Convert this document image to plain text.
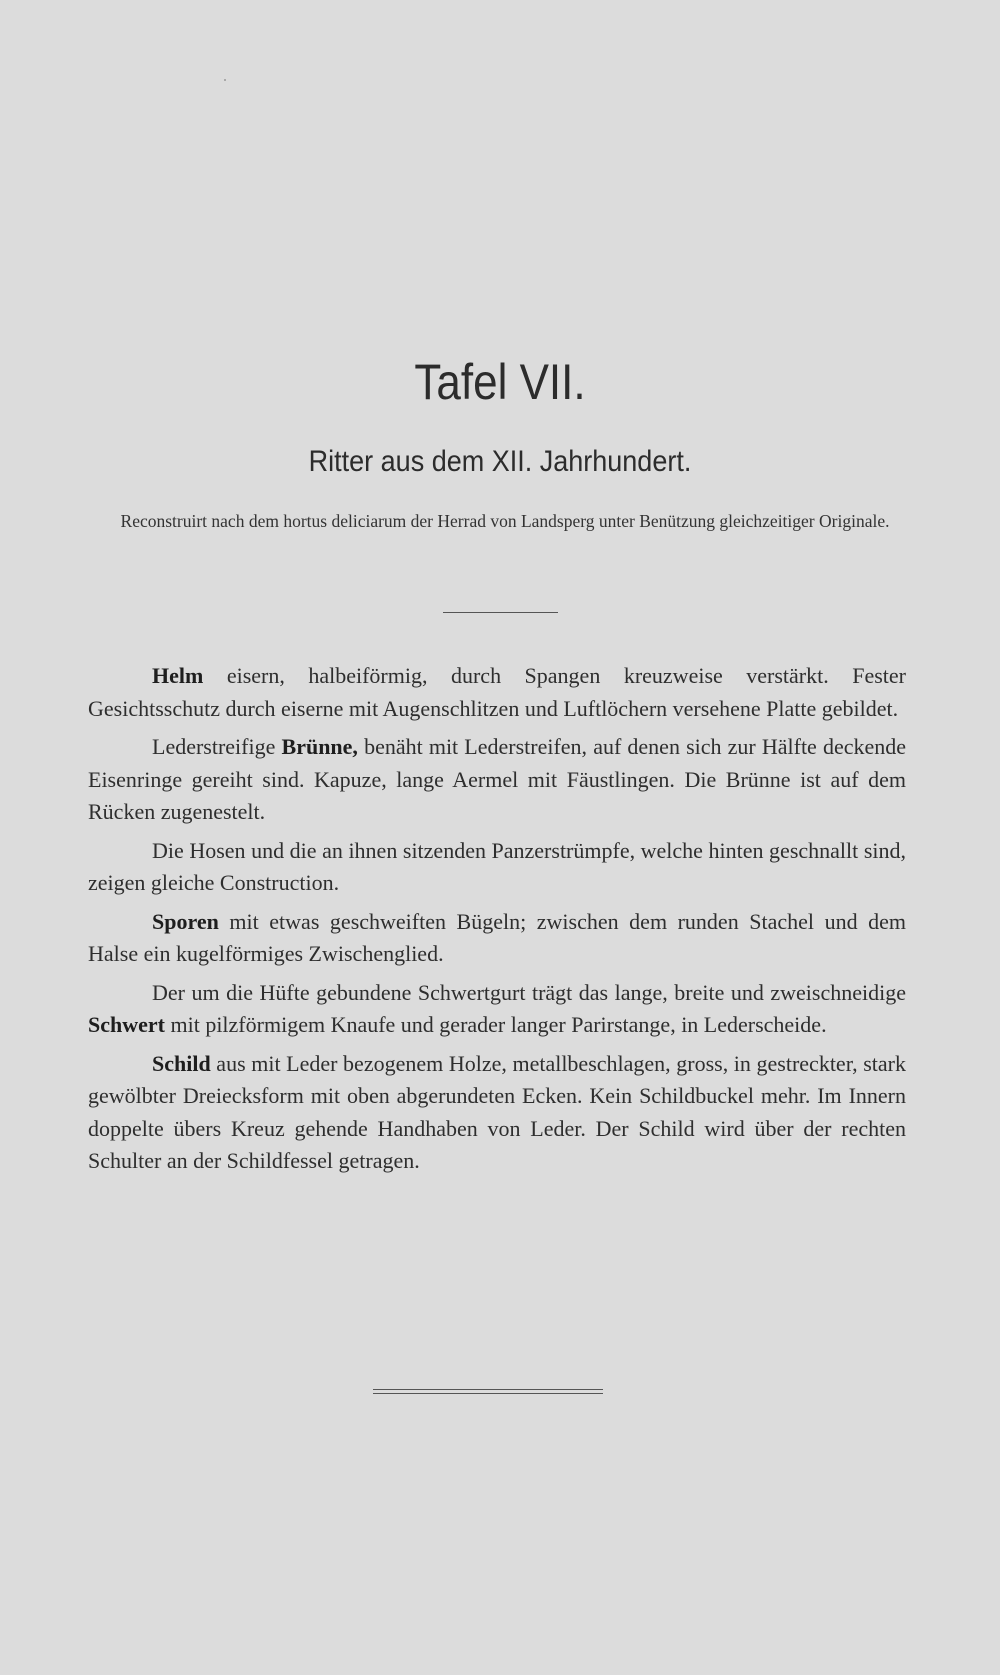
Tafel VII.
Ritter aus dem XII. Jahrhundert.

Reconstruirt nach dem hortus deliciarum der Herrad von Landsperg unter Benützung gleichzeitiger Originale.

Helm eisern, halbeiförmig, durch Spangen kreuzweise verstärkt. Fester Gesichtsschutz durch eiserne mit Augenschlitzen und Luftlöchern versehene Platte gebildet.

Lederstreifige Brünne, benäht mit Lederstreifen, auf denen sich zur Hälfte deckende Eisenringe gereiht sind. Kapuze, lange Aermel mit Fäustlingen. Die Brünne ist auf dem Rücken zugenestelt.

Die Hosen und die an ihnen sitzenden Panzerstrümpfe, welche hinten geschnallt sind, zeigen gleiche Construction.

Sporen mit etwas geschweiften Bügeln; zwischen dem runden Stachel und dem Halse ein kugelförmiges Zwischenglied.

Der um die Hüfte gebundene Schwertgurt trägt das lange, breite und zweischneidige Schwert mit pilzförmigem Knaufe und gerader langer Parirstange, in Lederscheide.

Schild aus mit Leder bezogenem Holze, metallbeschlagen, gross, in gestreckter, stark gewölbter Dreiecksform mit oben abgerundeten Ecken. Kein Schildbuckel mehr. Im Innern doppelte übers Kreuz gehende Handhaben von Leder. Der Schild wird über der rechten Schulter an der Schildfessel getragen.
